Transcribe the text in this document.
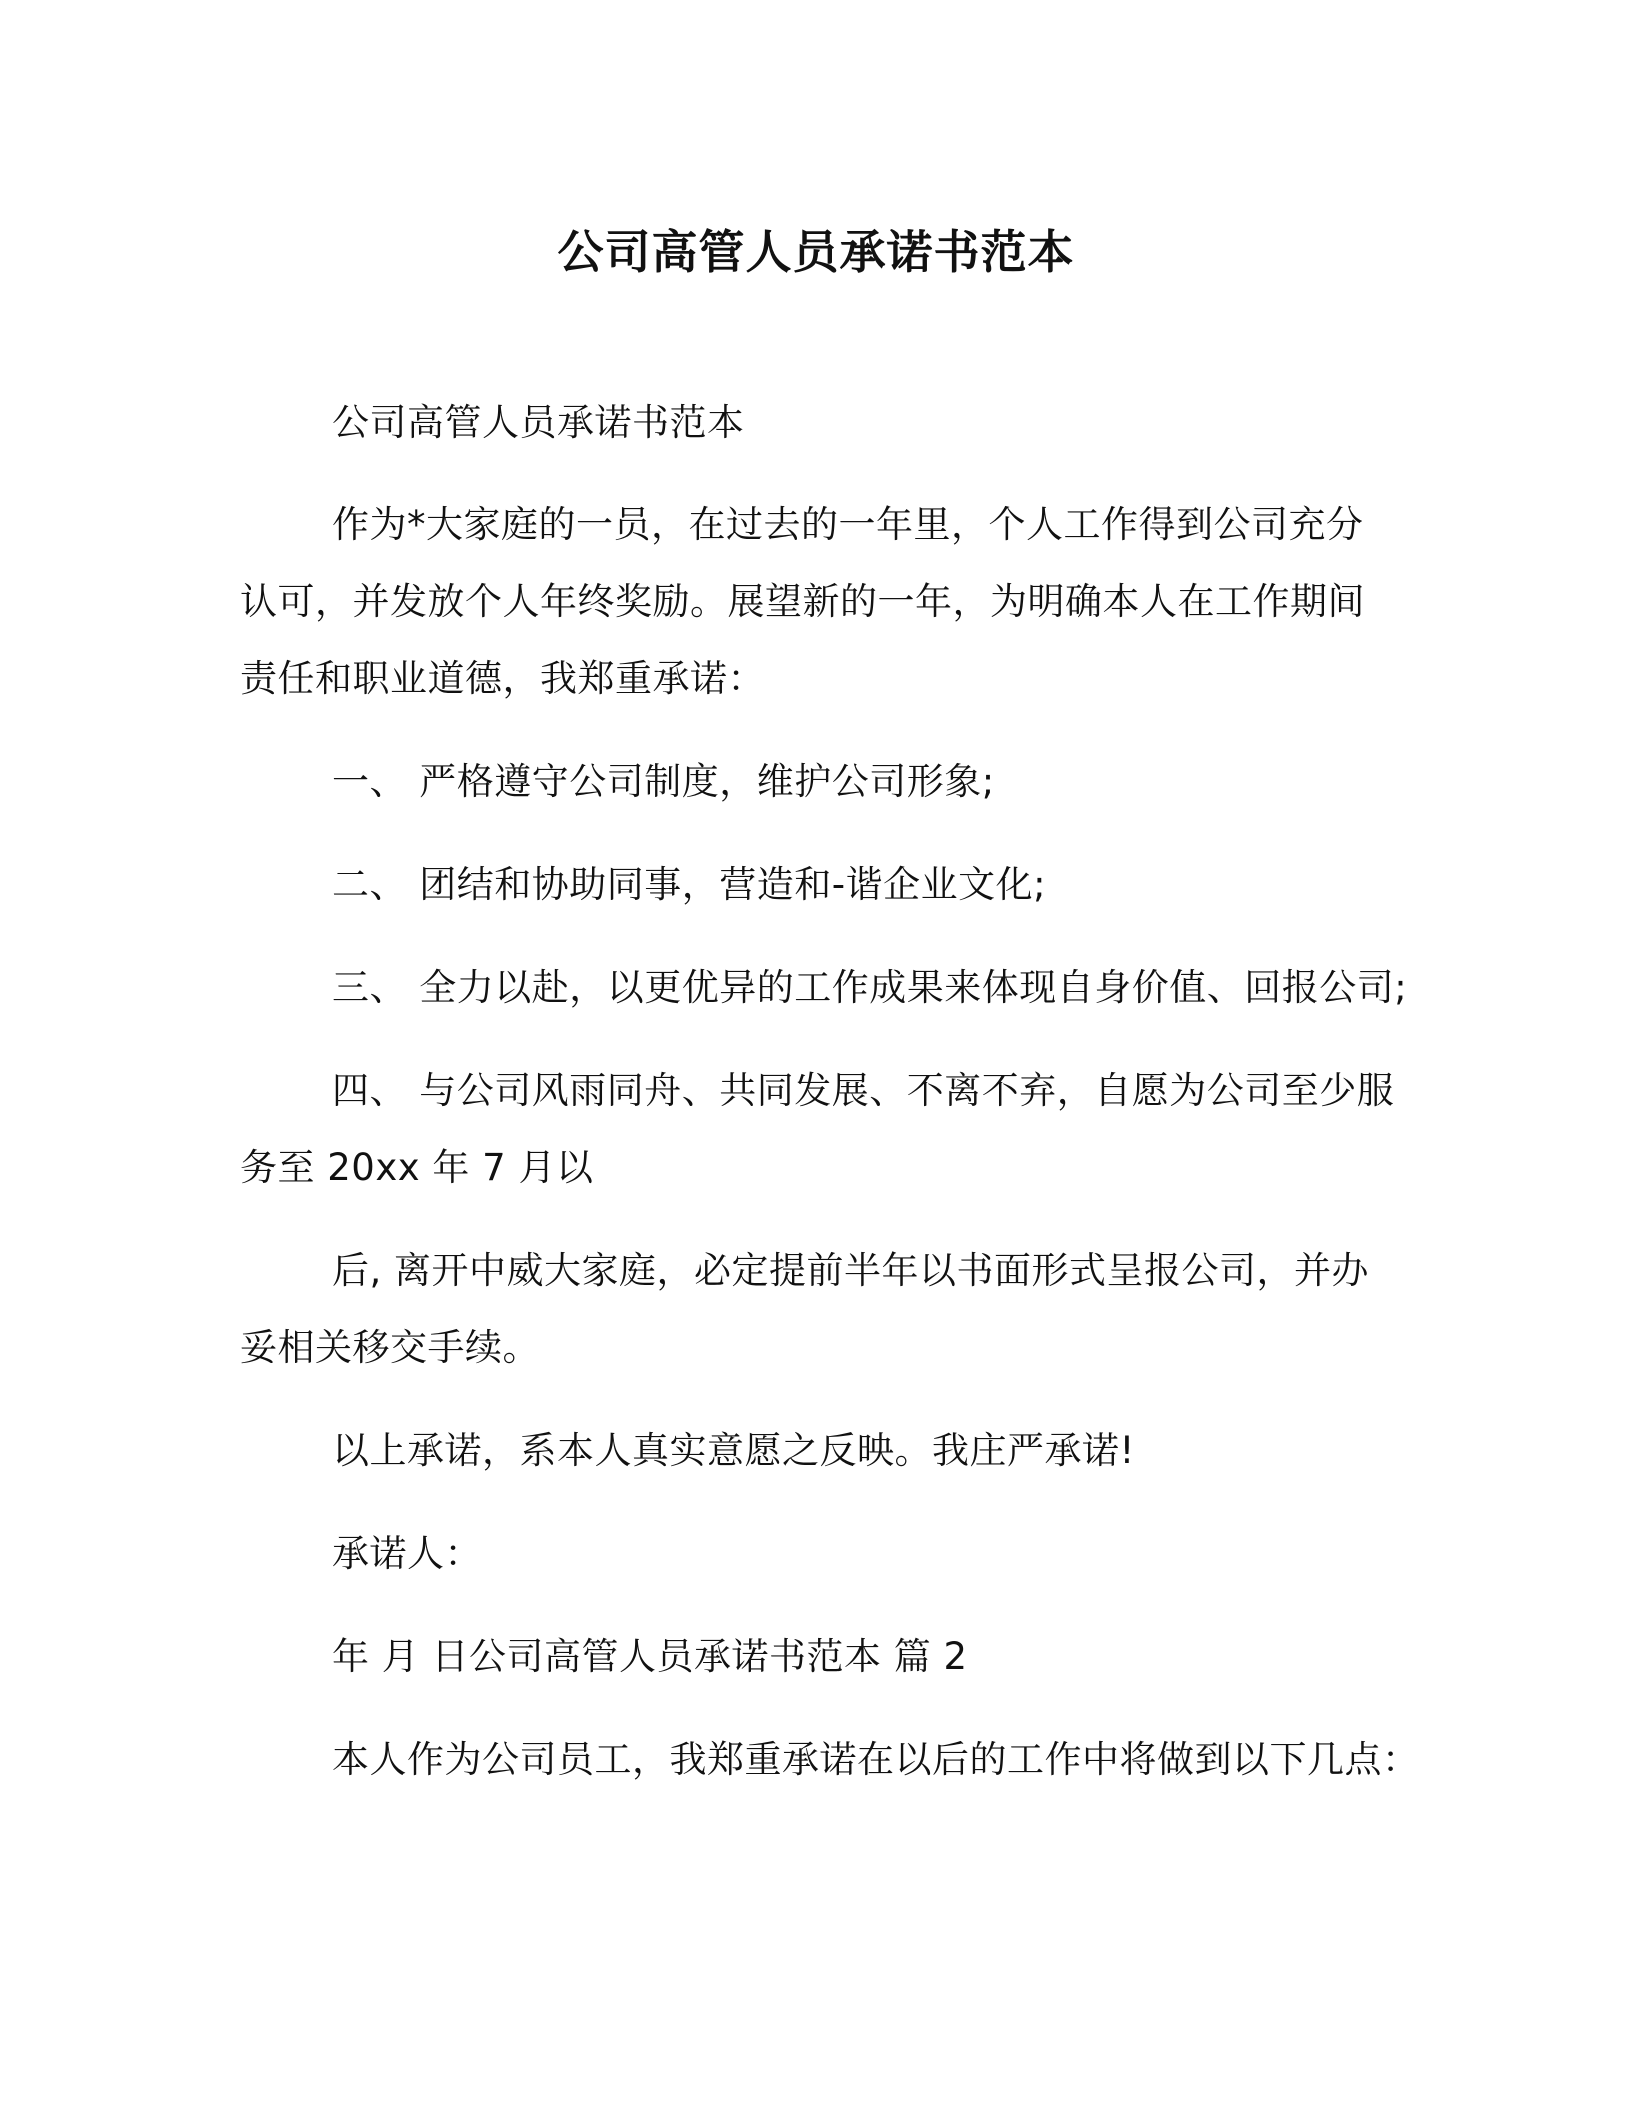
公司高管人员承诺书范本
公司高管人员承诺书范本
作为*大家庭的一员，在过去的一年里，个人工作得到公司充分
认可，并发放个人年终奖励。展望新的一年，为明确本人在工作期间
责任和职业道德，我郑重承诺：
一、 严格遵守公司制度，维护公司形象;
二、 团结和协助同事，营造和-谐企业文化;
三、 全力以赴，以更优异的工作成果来体现自身价值、回报公司;
四、 与公司风雨同舟、共同发展、不离不弃，自愿为公司至少服
务至 20xx 年 7 月以
后, 离开中威大家庭，必定提前半年以书面形式呈报公司，并办
妥相关移交手续。
以上承诺，系本人真实意愿之反映。我庄严承诺!
承诺人：
年 月 日公司高管人员承诺书范本 篇 2
本人作为公司员工，我郑重承诺在以后的工作中将做到以下几点：
